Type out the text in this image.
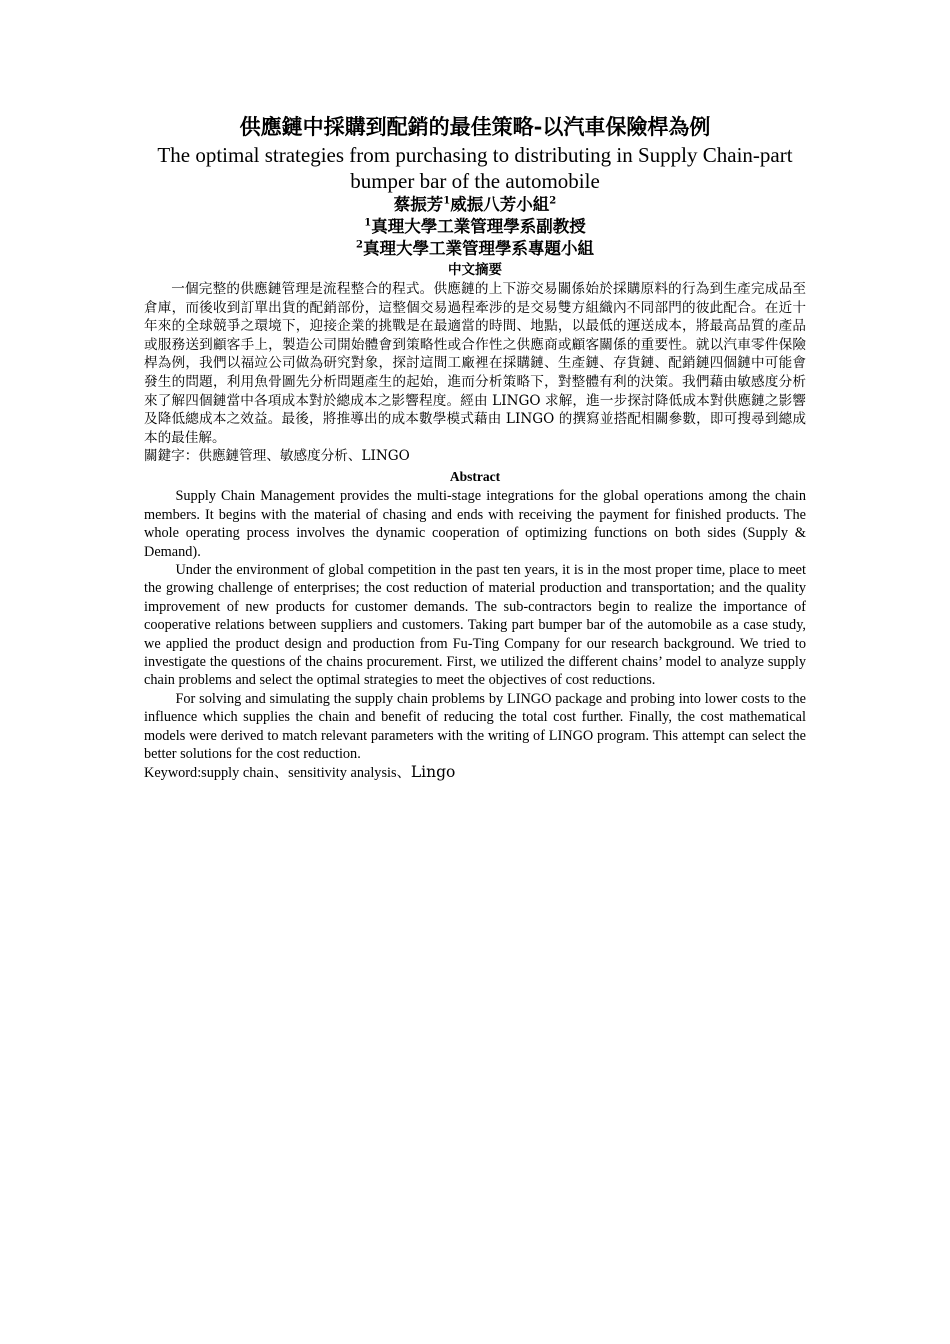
供應鏈中採購到配銷的最佳策略-以汽車保險桿為例

The optimal strategies from purchasing to distributing in Supply Chain-part bumper bar of the automobile

蔡振芳$^1$威振八芳小組$^2$

$^1$真理大學工業管理學系副教授

$^2$真理大學工業管理學系專題小組

中文摘要

一個完整的供應鏈管理是流程整合的程式。供應鏈的上下游交易關係始於採購原料的行為到生產完成品至倉庫，而後收到訂單出貨的配銷部份，這整個交易過程牽涉的是交易雙方組織內不同部門的彼此配合。在近十年來的全球競爭之環境下，迎接企業的挑戰是在最適當的時間、地點，以最低的運送成本，將最高品質的產品或服務送到顧客手上，製造公司開始體會到策略性或合作性之供應商或顧客關係的重要性。就以汽車零件保險桿為例，我們以福竝公司做為研究對象，探討這間工廠裡在採購鏈、生產鏈、存貨鏈、配銷鏈四個鏈中可能會發生的問題，利用魚骨圖先分析問題產生的起始，進而分析策略下，對整體有利的決策。我們藉由敏感度分析來了解四個鏈當中各項成本對於總成本之影響程度。經由 LINGO 求解，進一步探討降低成本對供應鏈之影響及降低總成本之效益。最後，將推導出的成本數學模式藉由 LINGO 的撰寫並搭配相關參數，即可搜尋到總成本的最佳解。

關鍵字：供應鏈管理、敏感度分析、LINGO

Abstract

Supply Chain Management provides the multi-stage integrations for the global operations among the chain members. It begins with the material of chasing and ends with receiving the payment for finished products. The whole operating process involves the dynamic cooperation of optimizing functions on both sides (Supply & Demand).

Under the environment of global competition in the past ten years, it is in the most proper time, place to meet the growing challenge of enterprises; the cost reduction of material production and transportation; and the quality improvement of new products for customer demands. The sub-contractors begin to realize the importance of cooperative relations between suppliers and customers. Taking part bumper bar of the automobile as a case study, we applied the product design and production from Fu-Ting Company for our research background. We tried to investigate the questions of the chains procurement. First, we utilized the different chains’ model to analyze supply chain problems and select the optimal strategies to meet the objectives of cost reductions.

For solving and simulating the supply chain problems by LINGO package and probing into lower costs to the influence which supplies the chain and benefit of reducing the total cost further. Finally, the cost mathematical models were derived to match relevant parameters with the writing of LINGO program. This attempt can select the better solutions for the cost reduction.

Keyword:supply chain、sensitivity analysis、Lingo
